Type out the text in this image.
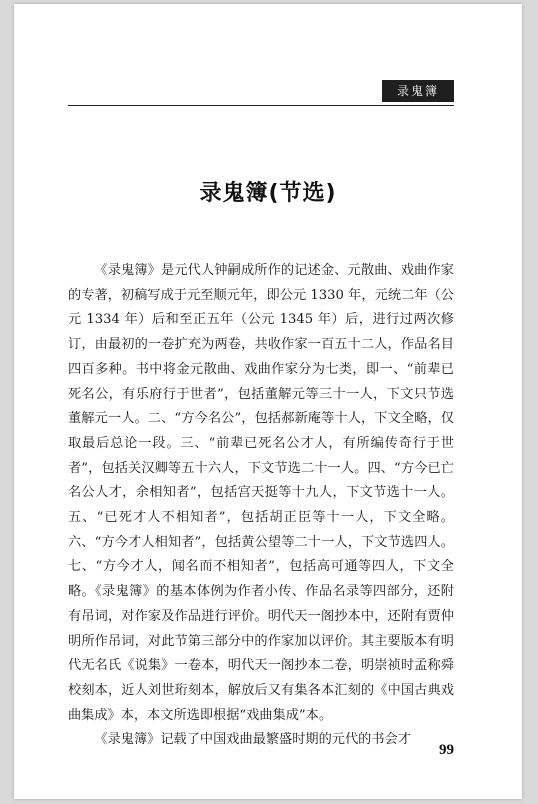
录鬼簿
录鬼簿(节选)

《录鬼簿》是元代人钟嗣成所作的记述金、元散曲、戏曲作家的专著，初稿写成于元至顺元年，即公元 1330 年，元统二年（公元 1334 年）后和至正五年（公元 1345 年）后，进行过两次修订，由最初的一卷扩充为两卷，共收作家一百五十二人，作品名目四百多种。书中将金元散曲、戏曲作家分为七类，即一、“前辈已死名公，有乐府行于世者”，包括董解元等三十一人，下文只节选董解元一人。二、“方今名公”，包括郝新庵等十人，下文全略，仅取最后总论一段。三、“前辈已死名公才人，有所编传奇行于世者”，包括关汉卿等五十六人，下文节选二十一人。四、“方今已亡名公人才，余相知者”，包括宫天挺等十九人，下文节选十一人。五、“已死才人不相知者”，包括胡正臣等十一人，下文全略。六、“方今才人相知者”，包括黄公望等二十一人，下文节选四人。七、“方今才人，闻名而不相知者”，包括高可通等四人，下文全略。《录鬼簿》的基本体例为作者小传、作品名录等四部分，还附有吊词，对作家及作品进行评价。明代天一阁抄本中，还附有贾仲明所作吊词，对此节第三部分中的作家加以评价。其主要版本有明代无名氏《说集》一卷本，明代天一阁抄本二卷，明崇祯时孟称舜校刻本，近人刘世珩刻本，解放后又有集各本汇刻的《中国古典戏曲集成》本，本文所选即根据“戏曲集成”本。

《录鬼簿》记载了中国戏曲最繁盛时期的元代的书会才

99
